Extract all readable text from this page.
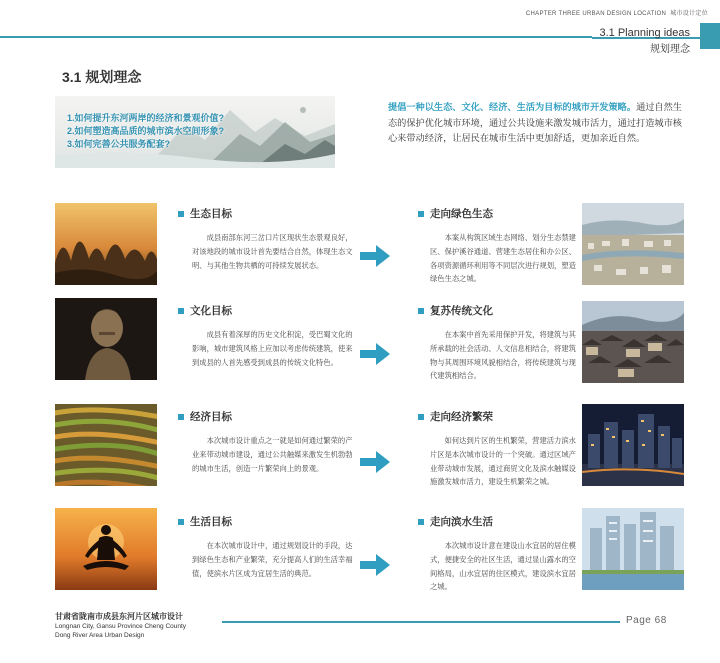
CHAPTER THREE URBAN DESIGN LOCATION 城市设计定位
3.1 Planning ideas
规划理念
3.1 规划理念
1.如何提升东河两岸的经济和景观价值?
2.如何塑造高品质的城市滨水空间形象?
3.如何完善公共服务配套?
提倡一种以生态、文化、经济、生活为目标的城市开发策略。通过自然生态的保护优化城市环境，通过公共设施来激发城市活力，通过打造城市核心来带动经济，让居民在城市生活中更加舒适，更加亲近自然。
生态目标
成县南部东河三岔口片区现状生态景观良好，对该地段的城市设计首先要结合自然，体现生态文明、与其他生物共栖的可持续发展状态。
走向绿色生态
本案从构筑区域生态网络、划分生态禁建区、保护溪谷通道、营建生态居住和办公区、各项资源循环利用等不同层次进行规划，塑造绿色生态之城。
文化目标
成县有着深厚的历史文化积淀，受巴蜀文化的影响，城市建筑风格上应加以考虑传统建筑，使来到成县的人首先感受到成县的传统文化特色。
复苏传统文化
在本案中首先采用保护开发，将建筑与其所承载的社会活动、人文信息相结合，将建筑物与其周围环境风貌相结合，将传统建筑与现代建筑相结合。
经济目标
本次城市设计重点之一就是如何通过繁荣的产业来带动城市建设，通过公共触媒来激发生机勃勃的城市生活，创造一片繁荣向上的景观。
走向经济繁荣
如何达到片区的生机繁荣，营建活力滨水片区是本次城市设计的一个突破。通过区域产业带动城市发展，通过商贸文化及滨水触媒设施激发城市活力，建设生机繁荣之城。
生活目标
在本次城市设计中，通过规划设计的手段，达到绿色生态和产业繁荣，充分提高人们的生活幸福值，使滨水片区成为宜居生活的典范。
走向滨水生活
本次城市设计意在建设山水宜居的居住模式，便捷安全的社区生活，通过显山露水的空间格局，山水宜居的住区模式，建设滨水宜居之城。
甘肃省陇南市成县东河片区城市设计
Longnan City, Gansu Province Cheng County
Dong River Area Urban Design
Page 68
